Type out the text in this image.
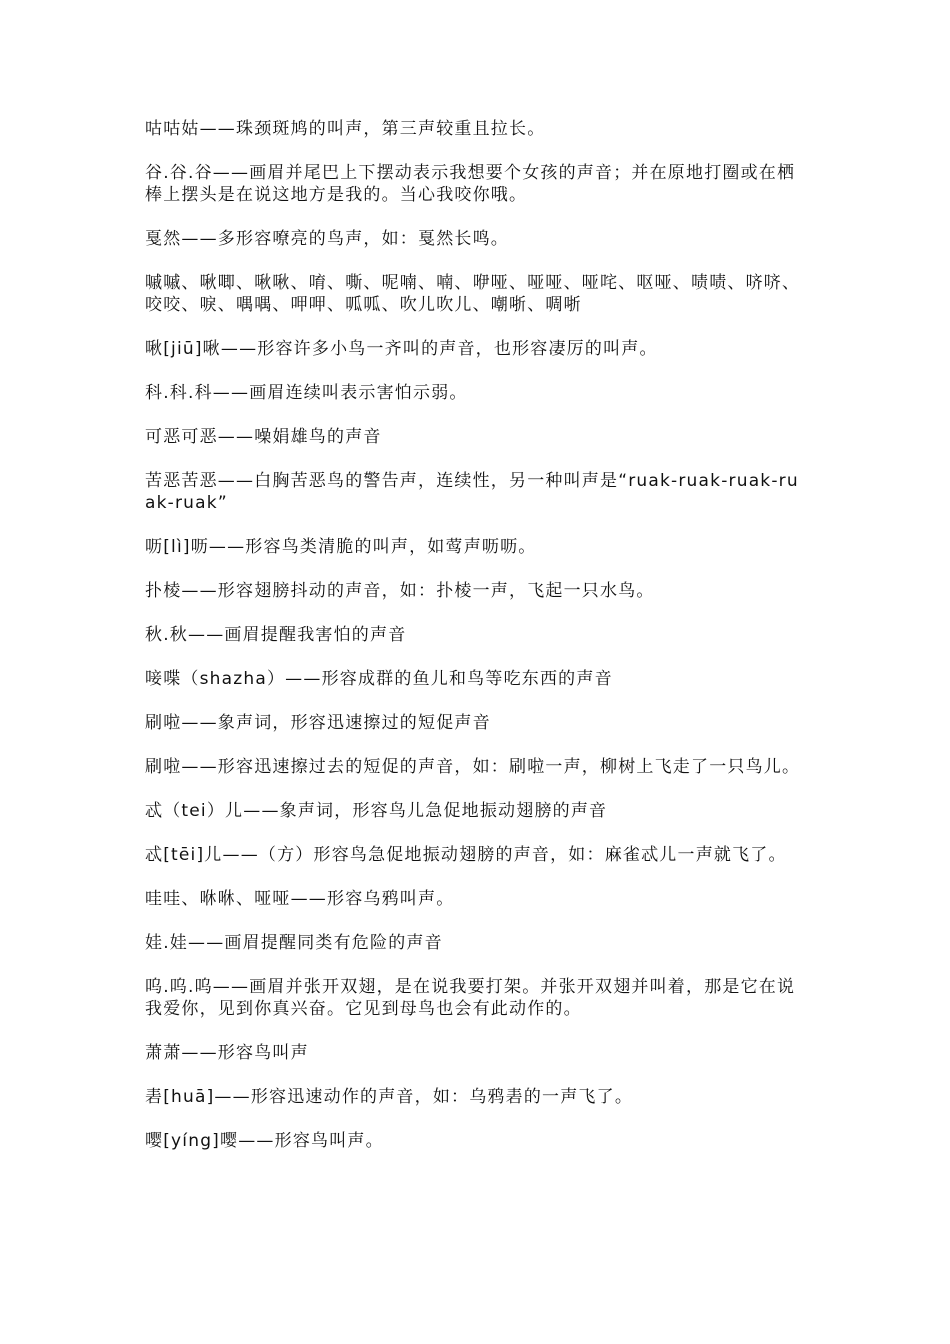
咕咕姑——珠颈斑鸠的叫声，第三声较重且拉长。

谷.谷.谷——画眉并尾巴上下摆动表示我想要个女孩的声音；并在原地打圈或在栖棒上摆头是在说这地方是我的。当心我咬你哦。

戛然——多形容嘹亮的鸟声，如：戛然长鸣。

嘁嘁、啾唧、啾啾、唷、嘶、呢喃、喃、咿哑、哑哑、哑咤、呕哑、啧啧、哜哜、咬咬、唳、喁喁、呷呷、呱呱、吹儿吹儿、嘲哳、啁哳

啾[jiū]啾——形容许多小鸟一齐叫的声音，也形容凄厉的叫声。

科.科.科——画眉连续叫表示害怕示弱。

可恶可恶——噪娟雄鸟的声音

苦恶苦恶——白胸苦恶鸟的警告声，连续性，另一种叫声是“ruak-ruak-ruak-ruak-ruak”

呖[lì]呖——形容鸟类清脆的叫声，如莺声呖呖。

扑棱——形容翅膀抖动的声音，如：扑棱一声，飞起一只水鸟。

秋.秋——画眉提醒我害怕的声音

唼喋（shazha）——形容成群的鱼儿和鸟等吃东西的声音

刷啦——象声词，形容迅速擦过的短促声音

刷啦——形容迅速擦过去的短促的声音，如：刷啦一声，柳树上飞走了一只鸟儿。

忒（tei）儿——象声词，形容鸟儿急促地振动翅膀的声音

忒[tēi]儿——（方）形容鸟急促地振动翅膀的声音，如：麻雀忒儿一声就飞了。

哇哇、咻咻、哑哑——形容乌鸦叫声。

娃.娃——画眉提醒同类有危险的声音

呜.呜.呜——画眉并张开双翅，是在说我要打架。并张开双翅并叫着，那是它在说我爱你，见到你真兴奋。它见到母鸟也会有此动作的。

萧萧——形容鸟叫声

砉[huā]——形容迅速动作的声音，如：乌鸦砉的一声飞了。

嘤[yíng]嘤——形容鸟叫声。
